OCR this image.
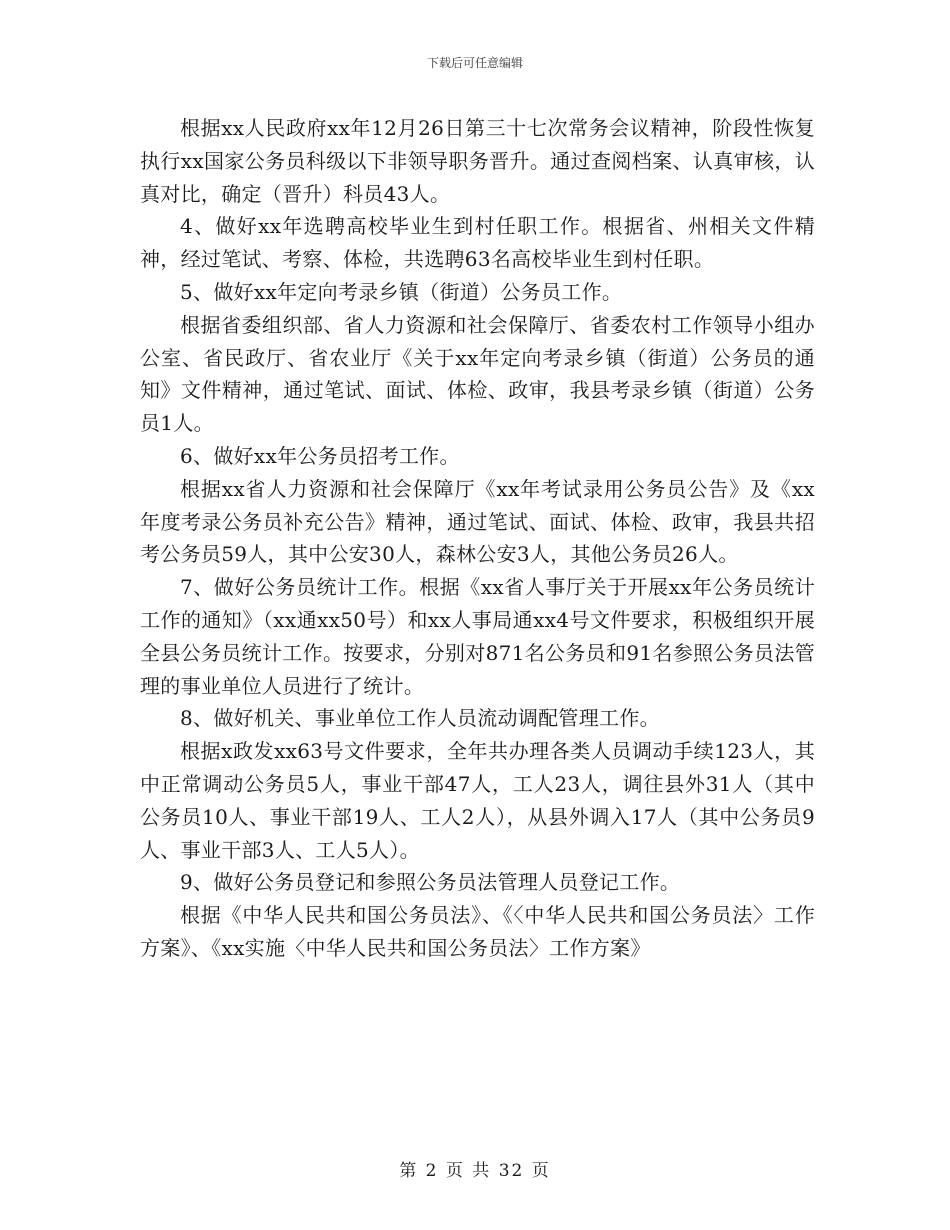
下载后可任意编辑

根据xx人民政府xx年12月26日第三十七次常务会议精神，阶段性恢复执行xx国家公务员科级以下非领导职务晋升。通过查阅档案、认真审核，认真对比，确定（晋升）科员43人。

4、做好xx年选聘高校毕业生到村任职工作。根据省、州相关文件精神，经过笔试、考察、体检，共选聘63名高校毕业生到村任职。

5、做好xx年定向考录乡镇（街道）公务员工作。

根据省委组织部、省人力资源和社会保障厅、省委农村工作领导小组办公室、省民政厅、省农业厅《关于xx年定向考录乡镇（街道）公务员的通知》文件精神，通过笔试、面试、体检、政审，我县考录乡镇（街道）公务员1人。

6、做好xx年公务员招考工作。

根据xx省人力资源和社会保障厅《xx年考试录用公务员公告》及《xx年度考录公务员补充公告》精神，通过笔试、面试、体检、政审，我县共招考公务员59人，其中公安30人，森林公安3人，其他公务员26人。

7、做好公务员统计工作。根据《xx省人事厅关于开展xx年公务员统计工作的通知》（xx通xx50号）和xx人事局通xx4号文件要求，积极组织开展全县公务员统计工作。按要求，分别对871名公务员和91名参照公务员法管理的事业单位人员进行了统计。

8、做好机关、事业单位工作人员流动调配管理工作。

根据x政发xx63号文件要求，全年共办理各类人员调动手续123人，其中正常调动公务员5人，事业干部47人，工人23人，调往县外31人（其中公务员10人、事业干部19人、工人2人），从县外调入17人（其中公务员9人、事业干部3人、工人5人）。

9、做好公务员登记和参照公务员法管理人员登记工作。

根据《中华人民共和国公务员法》、《〈中华人民共和国公务员法〉工作方案》、《xx实施〈中华人民共和国公务员法〉工作方案》

第 2 页 共 32 页
